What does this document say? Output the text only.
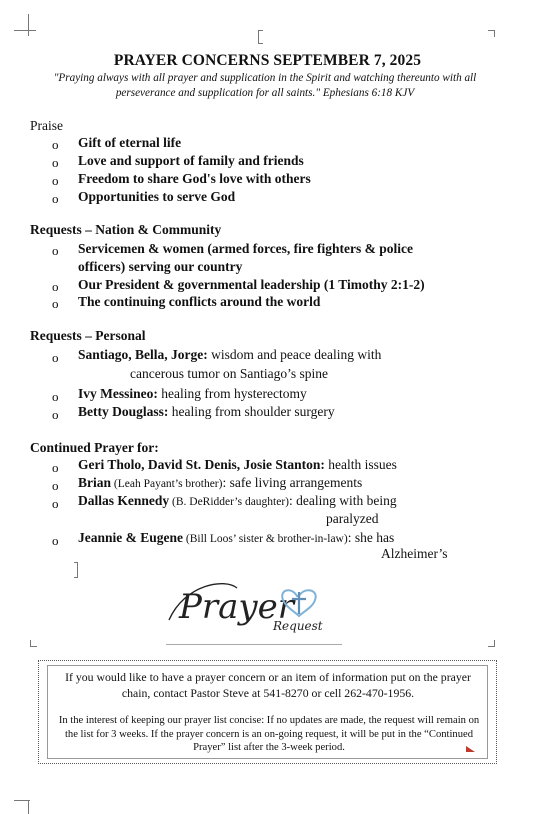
PRAYER CONCERNS SEPTEMBER 7, 2025
"Praying always with all prayer and supplication in the Spirit and watching thereunto with all perseverance and supplication for all saints." Ephesians 6:18 KJV
Praise
o Gift of eternal life
o Love and support of family and friends
o Freedom to share God's love with others
o Opportunities to serve God
Requests – Nation & Community
o Servicemen & women (armed forces, fire fighters & police
officers) serving our country
o Our President & governmental leadership (1 Timothy 2:1-2)
o The continuing conflicts around the world
Requests – Personal
o Santiago, Bella, Jorge: wisdom and peace dealing with
cancerous tumor on Santiago’s spine
o Ivy Messineo: healing from hysterectomy
o Betty Douglass: healing from shoulder surgery
Continued Prayer for:
o Geri Tholo, David St. Denis, Josie Stanton: health issues
o Brian (Leah Payant’s brother): safe living arrangements
o Dallas Kennedy (B. DeRidder’s daughter): dealing with being
paralyzed
o Jeannie & Eugene (Bill Loos’ sister & brother-in-law): she has
Alzheimer’s
Prayer
Request
If you would like to have a prayer concern or an item of information put on the prayer chain, contact Pastor Steve at 541-8270 or cell 262-470-1956.
In the interest of keeping our prayer list concise: If no updates are made, the request will remain on the list for 3 weeks. If the prayer concern is an on-going request, it will be put in the “Continued Prayer” list after the 3-week period.
